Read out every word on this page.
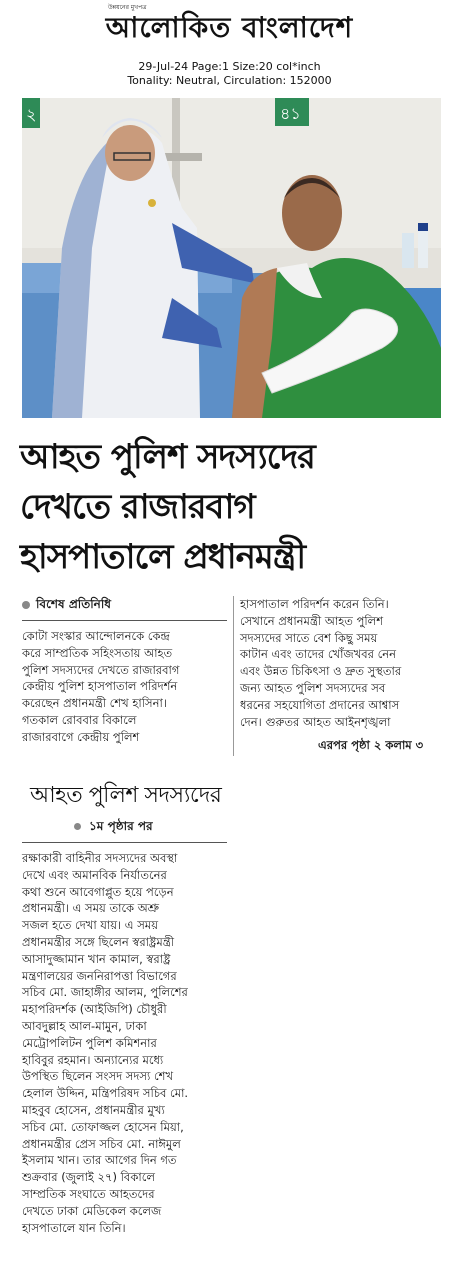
উন্নয়নের মুখপত্র
আলোকিত বাংলাদেশ
29-Jul-24 Page:1 Size:20 col*inch
Tonality: Neutral, Circulation: 152000
২	৪১
আহত পুলিশ সদস্যদের
দেখতে রাজারবাগ
হাসপাতালে প্রধানমন্ত্রী
বিশেষ প্রতিনিধি
কোটা সংস্কার আন্দোলনকে কেন্দ্র
করে সাম্প্রতিক সহিংসতায় আহত
পুলিশ সদস্যদের দেখতে রাজারবাগ
কেন্দ্রীয় পুলিশ হাসপাতাল পরিদর্শন
করেছেন প্রধানমন্ত্রী শেখ হাসিনা।
গতকাল রোববার বিকালে
রাজারবাগে কেন্দ্রীয় পুলিশ
হাসপাতাল পরিদর্শন করেন তিনি।
সেখানে প্রধানমন্ত্রী আহত পুলিশ
সদস্যদের সাতে বেশ কিছু সময়
কাটান এবং তাদের খোঁজখবর নেন
এবং উন্নত চিকিৎসা ও দ্রুত সুস্থতার
জন্য আহত পুলিশ সদস্যদের সব
ধরনের সহযোগিতা প্রদানের আশ্বাস
দেন। গুরুতর আহত আইনশৃঙ্খলা
এরপর পৃষ্ঠা ২ কলাম ৩
আহত পুলিশ সদস্যদের
১ম পৃষ্ঠার পর
রক্ষাকারী বাহিনীর সদস্যদের অবস্থা
দেখে এবং অমানবিক নির্যাতনের
কথা শুনে আবেগাপ্লুত হয়ে পড়েন
প্রধানমন্ত্রী। এ সময় তাকে অশ্রু
সজল হতে দেখা যায়। এ সময়
প্রধানমন্ত্রীর সঙ্গে ছিলেন স্বরাষ্ট্রমন্ত্রী
আসাদুজ্জামান খান কামাল, স্বরাষ্ট্র
মন্ত্রণালয়ের জননিরাপত্তা বিভাগের
সচিব মো. জাহাঙ্গীর আলম, পুলিশের
মহাপরিদর্শক (আইজিপি) চৌধুরী
আবদুল্লাহ আল-মামুন, ঢাকা
মেট্রোপলিটন পুলিশ কমিশনার
হাবিবুর রহমান। অন্যান্যের মধ্যে
উপস্থিত ছিলেন সংসদ সদস্য শেখ
হেলাল উদ্দিন, মন্ত্রিপরিষদ সচিব মো.
মাহবুব হোসেন, প্রধানমন্ত্রীর মুখ্য
সচিব মো. তোফাজ্জল হোসেন মিয়া,
প্রধানমন্ত্রীর প্রেস সচিব মো. নাঈমুল
ইসলাম খান। তার আগের দিন গত
শুক্রবার (জুলাই ২৭) বিকালে
সাম্প্রতিক সংঘাতে আহতদের
দেখতে ঢাকা মেডিকেল কলেজ
হাসপাতালে যান তিনি।
